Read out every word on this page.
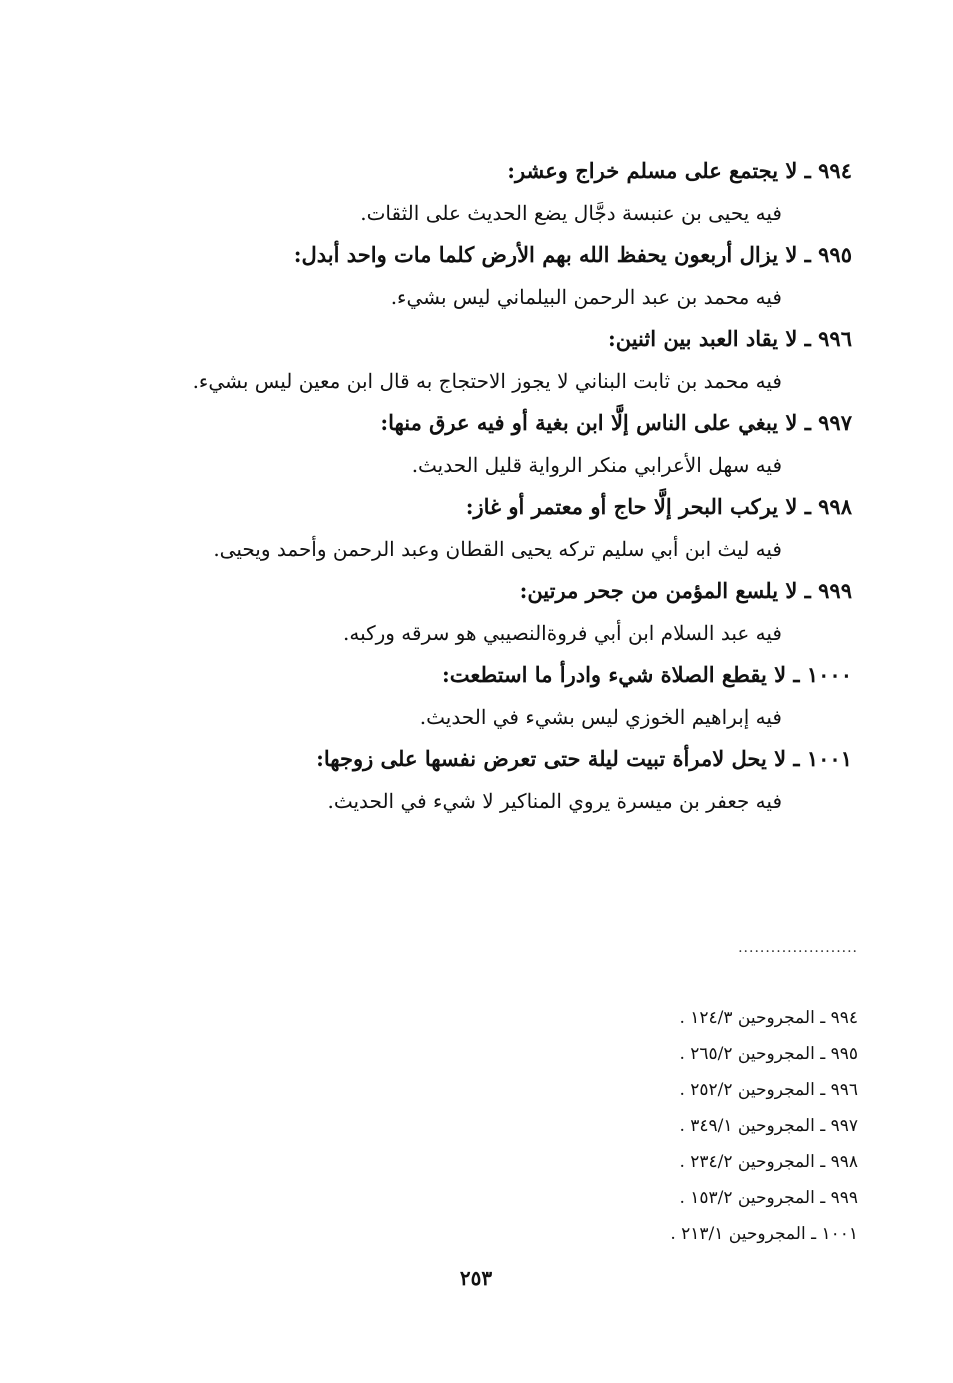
٩٩٤ ـ لا يجتمع على مسلم خراج وعشر:

فيه يحيى بن عنبسة دجَّال يضع الحديث على الثقات.

٩٩٥ ـ لا يزال أربعون يحفظ الله بهم الأرض كلما مات واحد أبدل:

فيه محمد بن عبد الرحمن البيلماني ليس بشيء.

٩٩٦ ـ لا يقاد العبد بين اثنين:

فيه محمد بن ثابت البناني لا يجوز الاحتجاج به قال ابن معين ليس بشيء.

٩٩٧ ـ لا يبغي على الناس إلَّا ابن بغية أو فيه عرق منها:

فيه سهل الأعرابي منكر الرواية قليل الحديث.

٩٩٨ ـ لا يركب البحر إلَّا حاج أو معتمر أو غاز:

فيه ليث ابن أبي سليم تركه يحيى القطان وعبد الرحمن وأحمد ويحيى.

٩٩٩ ـ لا يلسع المؤمن من جحر مرتين:

فيه عبد السلام ابن أبي فروةالنصيبي هو سرقه وركبه.

١٠٠٠ ـ لا يقطع الصلاة شيء وادرأ ما استطعت:

فيه إبراهيم الخوزي ليس بشيء في الحديث.

١٠٠١ ـ لا يحل لامرأة تبيت ليلة حتى تعرض نفسها على زوجها:

فيه جعفر بن ميسرة يروي المناكير لا شيء في الحديث.

......................

٩٩٤ ـ المجروحين ١٢٤/٣ .

٩٩٥ ـ المجروحين ٢٦٥/٢ .

٩٩٦ ـ المجروحين ٢٥٢/٢ .

٩٩٧ ـ المجروحين ٣٤٩/١ .

٩٩٨ ـ المجروحين ٢٣٤/٢ .

٩٩٩ ـ المجروحين ١٥٣/٢ .

١٠٠١ ـ المجروحين ٢١٣/١ .

٢٥٣
